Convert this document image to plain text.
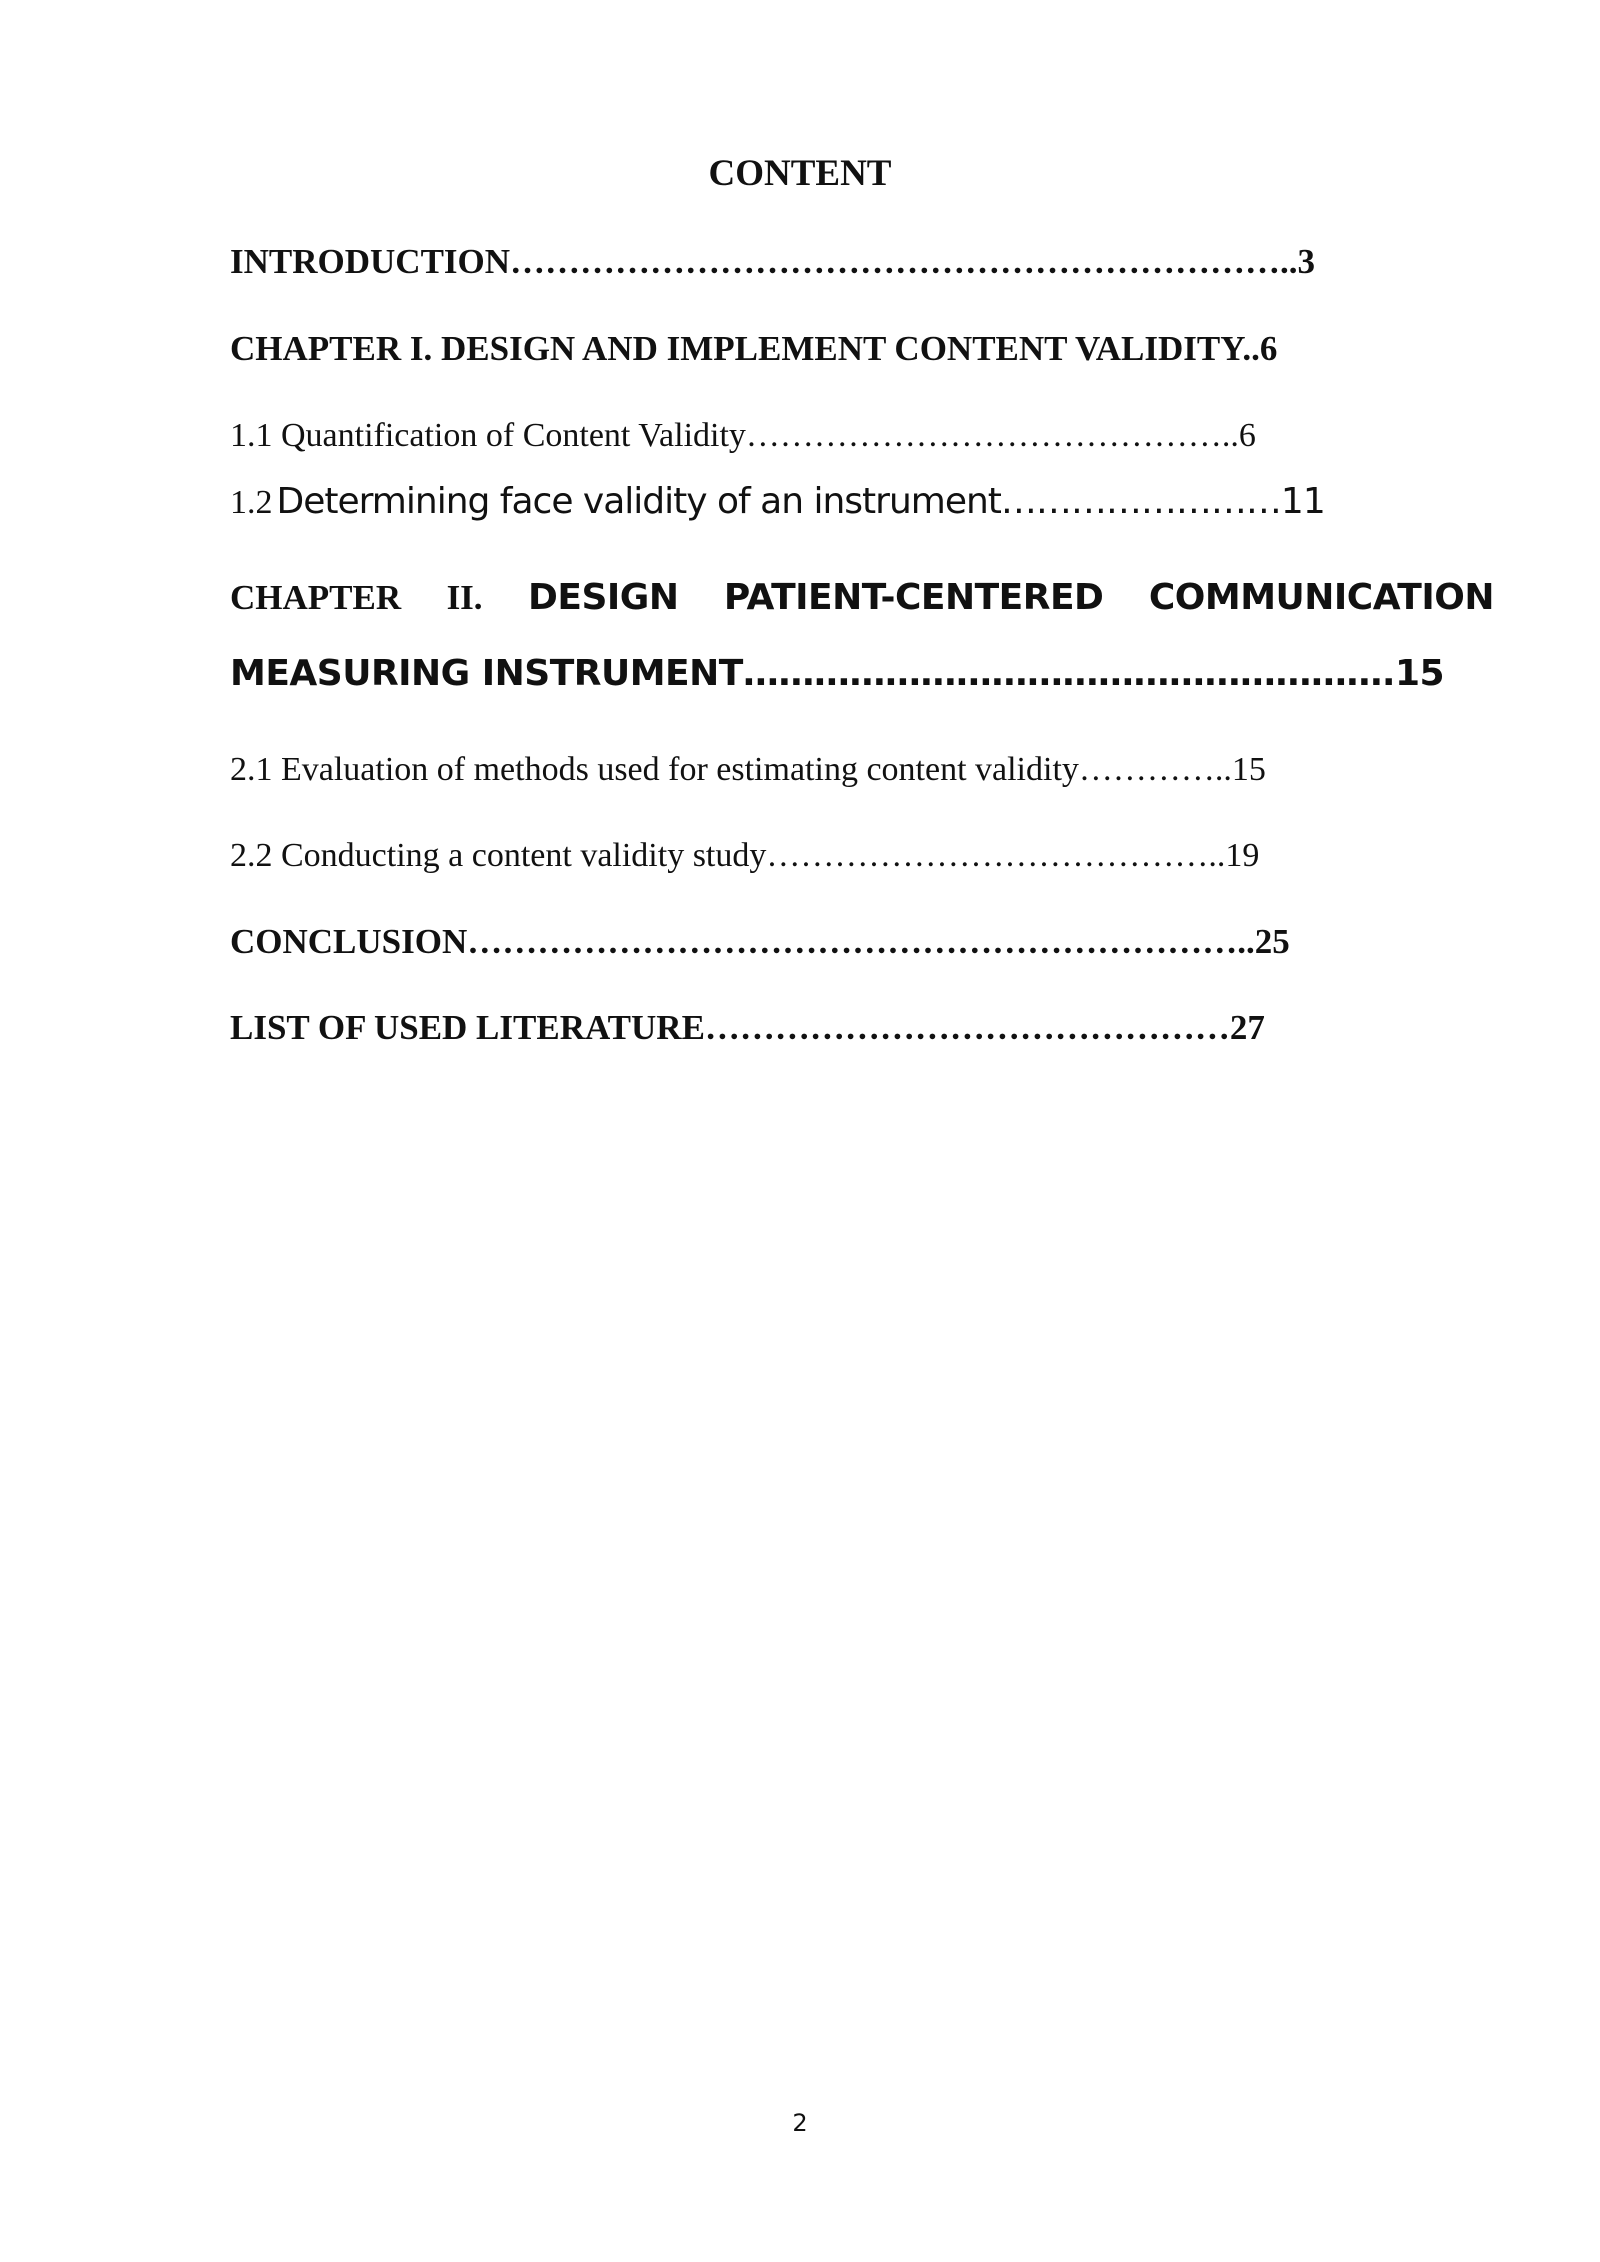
CONTENT
INTRODUCTION…………………………………………………………..3
CHAPTER I. DESIGN AND IMPLEMENT CONTENT VALIDITY..6
1.1 Quantification of Content Validity……………………………………..6
1.2 Determining face validity of an instrument……………………11
CHAPTER II. DESIGN PATIENT-CENTERED COMMUNICATION
MEASURING INSTRUMENT……………………………………………….15
2.1 Evaluation of methods used for estimating content validity…………..15
2.2 Conducting a content validity study…………………………………..19
CONCLUSION…………………………………………………………..25
LIST OF USED LITERATURE………………………………………27
2
